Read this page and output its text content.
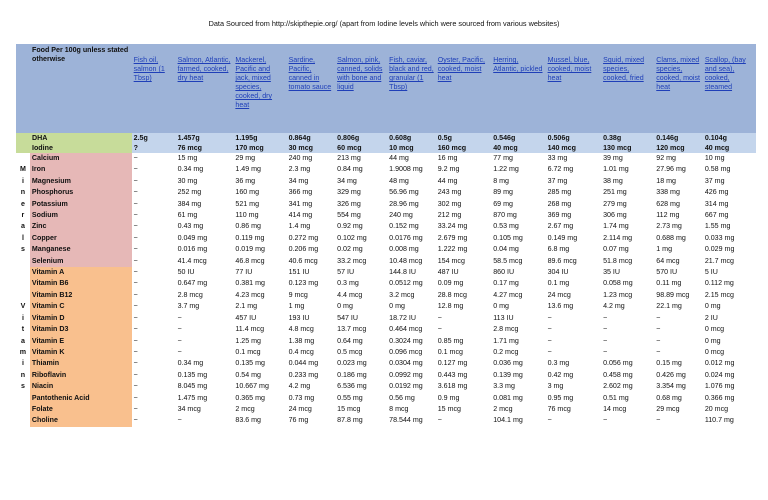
Data Sourced from http://skipthepie.org/ (apart from Iodine levels which were sourced from various websites)
Food Per 100g unless stated otherwise		Fish oil, salmon (1 Tbsp)	Salmon, Atlantic, farmed, cooked, dry heat	Mackerel, Pacific and jack, mixed species, cooked, dry heat	Sardine, Pacific, canned in tomato sauce	Salmon, pink, canned, solids with bone and liquid	Fish, caviar, black and red, granular (1 Tbsp)	Oyster, Pacific, cooked, moist heat	Herring, Atlantic, pickled	Mussel, blue, cooked, moist heat	Squid, mixed species, cooked, fried	Clams, mixed species, cooked, moist heat	Scallop, (bay and sea), cooked, steamed

DHA		2.5g	1.457g	1.195g	0.864g	0.806g	0.608g	0.5g	0.546g	0.506g	0.38g	0.146g	0.104g
Iodine		?	76 mcg	170 mcg	30 mcg	60 mcg	10 mcg	160 mcg	40 mcg	140 mcg	130 mcg	120 mcg	40 mcg
	Calcium	~	15 mg	29 mg	240 mg	213 mg	44 mg	16 mg	77 mg	33 mg	39 mg	92 mg	10 mg
M	Iron	~	0.34 mg	1.49 mg	2.3 mg	0.84 mg	1.9008 mg	9.2 mg	1.22 mg	6.72 mg	1.01 mg	27.96 mg	0.58 mg
i	Magnesium	~	30 mg	36 mg	34 mg	34 mg	48 mg	44 mg	8 mg	37 mg	38 mg	18 mg	37 mg
n	Phosphorus	~	252 mg	160 mg	366 mg	329 mg	56.96 mg	243 mg	89 mg	285 mg	251 mg	338 mg	426 mg
e	Potassium	~	384 mg	521 mg	341 mg	326 mg	28.96 mg	302 mg	69 mg	268 mg	279 mg	628 mg	314 mg
r	Sodium	~	61 mg	110 mg	414 mg	554 mg	240 mg	212 mg	870 mg	369 mg	306 mg	112 mg	667 mg
a	Zinc	~	0.43 mg	0.86 mg	1.4 mg	0.92 mg	0.152 mg	33.24 mg	0.53 mg	2.67 mg	1.74 mg	2.73 mg	1.55 mg
l	Copper	~	0.049 mg	0.119 mg	0.272 mg	0.102 mg	0.0176 mg	2.679 mg	0.105 mg	0.149 mg	2.114 mg	0.688 mg	0.033 mg
s	Manganese	~	0.016 mg	0.019 mg	0.206 mg	0.02 mg	0.008 mg	1.222 mg	0.04 mg	6.8 mg	0.07 mg	1 mg	0.029 mg
	Selenium	~	41.4 mcg	46.8 mcg	40.6 mcg	33.2 mcg	10.48 mcg	154 mcg	58.5 mcg	89.6 mcg	51.8 mcg	64 mcg	21.7 mcg
	Vitamin A	~	50 IU	77 IU	151 IU	57 IU	144.8 IU	487 IU	860 IU	304 IU	35 IU	570 IU	5 IU
	Vitamin B6	~	0.647 mg	0.381 mg	0.123 mg	0.3 mg	0.0512 mg	0.09 mg	0.17 mg	0.1 mg	0.058 mg	0.11 mg	0.112 mg
	Vitamin B12	~	2.8 mcg	4.23 mcg	9 mcg	4.4 mcg	3.2 mcg	28.8 mcg	4.27 mcg	24 mcg	1.23 mcg	98.89 mcg	2.15 mcg
V	Vitamin C	~	3.7 mg	2.1 mg	1 mg	0 mg	0 mg	12.8 mg	0 mg	13.6 mg	4.2 mg	22.1 mg	0 mg
i	Vitamin D	~	~	457 IU	193 IU	547 IU	18.72 IU	~	113 IU	~	~	~	2 IU
t	Vitamin D3	~	~	11.4 mcg	4.8 mcg	13.7 mcg	0.464 mcg	~	2.8 mcg	~	~	~	0 mcg
a	Vitamin E	~	~	1.25 mg	1.38 mg	0.64 mg	0.3024 mg	0.85 mg	1.71 mg	~	~	~	0 mg
m	Vitamin K	~	~	0.1 mcg	0.4 mcg	0.5 mcg	0.096 mcg	0.1 mcg	0.2 mcg	~	~	~	0 mcg
i	Thiamin	~	0.34 mg	0.135 mg	0.044 mg	0.023 mg	0.0304 mg	0.127 mg	0.036 mg	0.3 mg	0.056 mg	0.15 mg	0.012 mg
n	Riboflavin	~	0.135 mg	0.54 mg	0.233 mg	0.186 mg	0.0992 mg	0.443 mg	0.139 mg	0.42 mg	0.458 mg	0.426 mg	0.024 mg
s	Niacin	~	8.045 mg	10.667 mg	4.2 mg	6.536 mg	0.0192 mg	3.618 mg	3.3 mg	3 mg	2.602 mg	3.354 mg	1.076 mg
	Pantothenic Acid	~	1.475 mg	0.365 mg	0.73 mg	0.55 mg	0.56 mg	0.9 mg	0.081 mg	0.95 mg	0.51 mg	0.68 mg	0.366 mg
	Folate	~	34 mcg	2 mcg	24 mcg	15 mcg	8 mcg	15 mcg	2 mcg	76 mcg	14 mcg	29 mcg	20 mcg
	Choline	~	~	83.6 mg	76 mg	87.8 mg	78.544 mg	~	104.1 mg	~	~	~	110.7 mg
